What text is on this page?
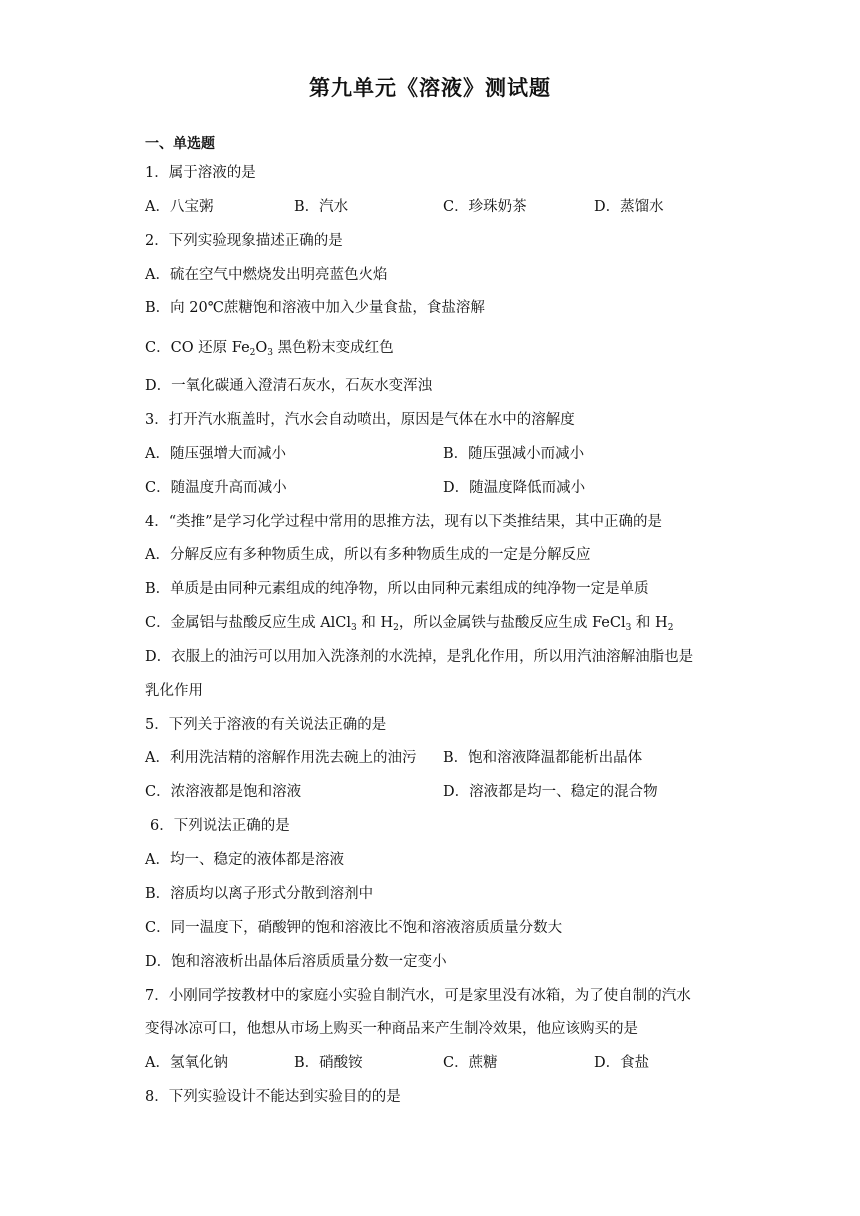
第九单元《溶液》测试题
一、单选题
1．属于溶液的是
A．八宝粥	B．汽水	C．珍珠奶茶	D．蒸馏水
2．下列实验现象描述正确的是
A．硫在空气中燃烧发出明亮蓝色火焰
B．向 20℃蔗糖饱和溶液中加入少量食盐，食盐溶解
C．CO 还原 $Fe_2O_3$ 黑色粉末变成红色
D．一氧化碳通入澄清石灰水，石灰水变浑浊
3．打开汽水瓶盖时，汽水会自动喷出，原因是气体在水中的溶解度
A．随压强增大而减小	B．随压强减小而减小
C．随温度升高而减小	D．随温度降低而减小
4．“类推”是学习化学过程中常用的思推方法，现有以下类推结果，其中正确的是
A．分解反应有多种物质生成，所以有多种物质生成的一定是分解反应
B．单质是由同种元素组成的纯净物，所以由同种元素组成的纯净物一定是单质
C．金属铝与盐酸反应生成 AlCl$_3$ 和 $H_2$，所以金属铁与盐酸反应生成 FeCl$_3$ 和 $H_2$
D．衣服上的油污可以用加入洗涤剂的水洗掉，是乳化作用，所以用汽油溶解油脂也是
乳化作用
5．下列关于溶液的有关说法正确的是
A．利用洗洁精的溶解作用洗去碗上的油污 B．饱和溶液降温都能析出晶体
C．浓溶液都是饱和溶液	D．溶液都是均一、稳定的混合物
6．下列说法正确的是
A．均一、稳定的液体都是溶液
B．溶质均以离子形式分散到溶剂中
C．同一温度下，硝酸钾的饱和溶液比不饱和溶液溶质质量分数大
D．饱和溶液析出晶体后溶质质量分数一定变小
7．小刚同学按教材中的家庭小实验自制汽水，可是家里没有冰箱，为了使自制的汽水
变得冰凉可口，他想从市场上购买一种商品来产生制冷效果，他应该购买的是
A．氢氧化钠	B．硝酸铵	C．蔗糖	D．食盐
8．下列实验设计不能达到实验目的的是
